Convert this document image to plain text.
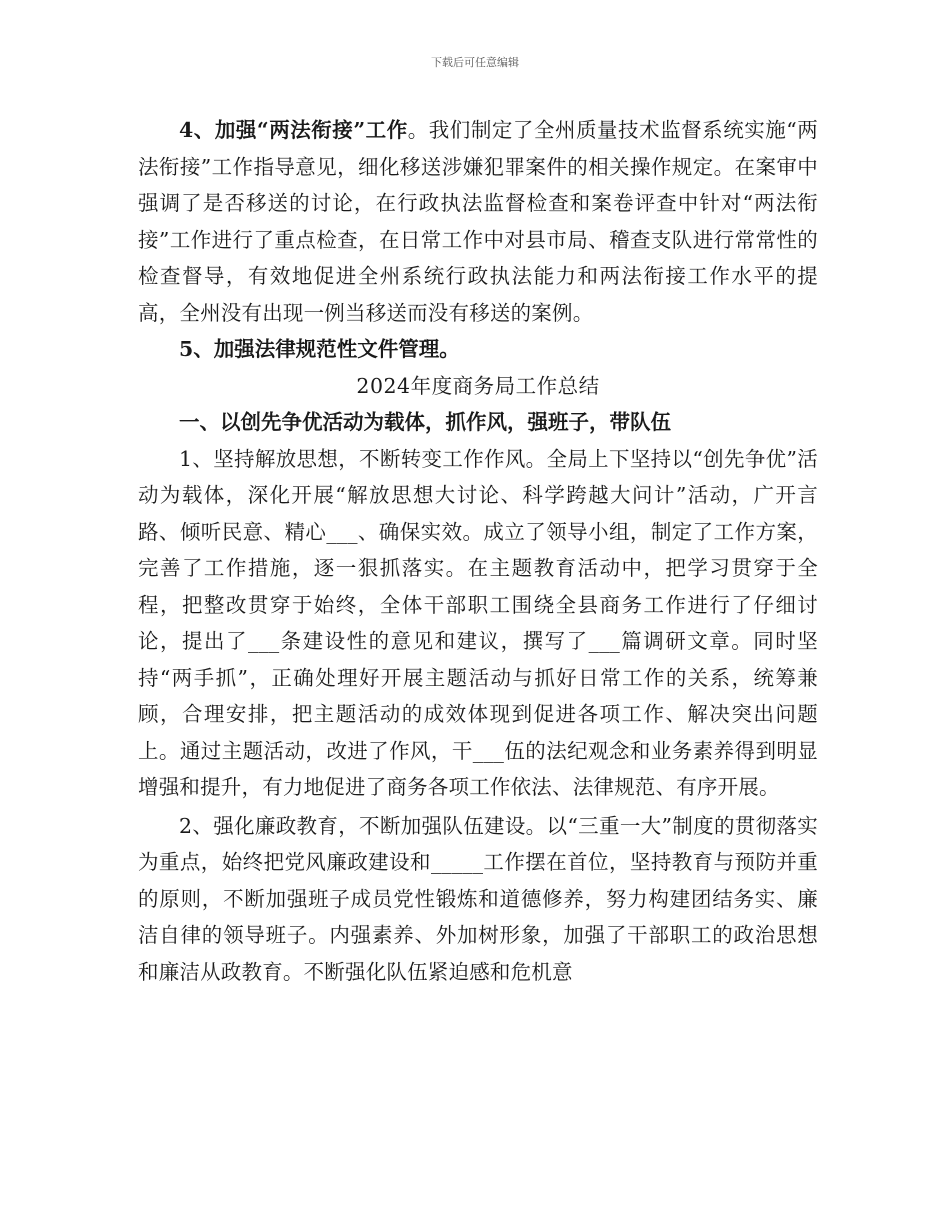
下载后可任意编辑

4、加强“两法衔接”工作。我们制定了全州质量技术监督系统实施“两法衔接”工作指导意见，细化移送涉嫌犯罪案件的相关操作规定。在案审中强调了是否移送的讨论，在行政执法监督检查和案卷评查中针对“两法衔接”工作进行了重点检查，在日常工作中对县市局、稽查支队进行常常性的检查督导，有效地促进全州系统行政执法能力和两法衔接工作水平的提高，全州没有出现一例当移送而没有移送的案例。

5、加强法律规范性文件管理。

2024年度商务局工作总结

一、以创先争优活动为载体，抓作风，强班子，带队伍

1、坚持解放思想，不断转变工作作风。全局上下坚持以“创先争优”活动为载体，深化开展“解放思想大讨论、科学跨越大问计”活动，广开言路、倾听民意、精心___、确保实效。成立了领导小组，制定了工作方案，完善了工作措施，逐一狠抓落实。在主题教育活动中，把学习贯穿于全程，把整改贯穿于始终，全体干部职工围绕全县商务工作进行了仔细讨论，提出了___条建设性的意见和建议，撰写了___篇调研文章。同时坚持“两手抓”，正确处理好开展主题活动与抓好日常工作的关系，统筹兼顾，合理安排，把主题活动的成效体现到促进各项工作、解决突出问题上。通过主题活动，改进了作风，干___伍的法纪观念和业务素养得到明显增强和提升，有力地促进了商务各项工作依法、法律规范、有序开展。

2、强化廉政教育，不断加强队伍建设。以“三重一大”制度的贯彻落实为重点，始终把党风廉政建设和_____工作摆在首位，坚持教育与预防并重的原则，不断加强班子成员党性锻炼和道德修养，努力构建团结务实、廉洁自律的领导班子。内强素养、外加树形象，加强了干部职工的政治思想和廉洁从政教育。不断强化队伍紧迫感和危机意
